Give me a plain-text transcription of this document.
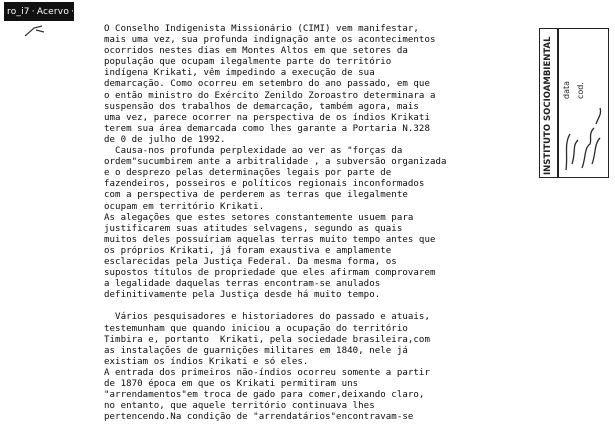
ro_i7 · Acervo · ISA
O Conselho Indigenista Missionário (CIMI) vem manifestar,
mais uma vez, sua profunda indignação ante os acontecimentos
ocorridos nestes dias em Montes Altos em que setores da
população que ocupam ilegalmente parte do território
indígena Krikati, vêm impedindo a execução de sua
demarcação. Como ocorreu em setembro do ano passado, em que
o então ministro do Exército Zenildo Zoroastro determinara a
suspensão dos trabalhos de demarcação, também agora, mais
uma vez, parece ocorrer na perspectiva de os índios Krikati
terem sua área demarcada como lhes garante a Portaria N.328
de 0 de julho de 1992.
Causa-nos profunda perplexidade ao ver as "forças da
ordem"sucumbirem ante a arbitralidade , a subversão organizada
e o desprezo pelas determinações legais por parte de
fazendeiros, posseiros e políticos regionais inconformados
com a perspectiva de perderem as terras que ilegalmente
ocupam em território Krikati.
As alegações que estes setores constantemente usuem para
justificarem suas atitudes selvagens, segundo as quais
muitos deles possuíriam aquelas terras muito tempo antes que
os próprios Krikati, já foram exaustiva e amplamente
esclarecidas pela Justiça Federal. Da mesma forma, os
supostos títulos de propriedade que eles afirmam comprovarem
a legalidade daquelas terras encontram-se anulados
definitivamente pela Justiça desde há muito tempo.

Vários pesquisadores e historiadores do passado e atuais,
testemunham que quando iniciou a ocupação do território
Timbira e, portanto  Krikati, pela sociedade brasileira,com
as instalações de guarnições militares em 1840, nele já
existiam os índios Krikati e só eles.
A entrada dos primeiros não-índios ocorreu somente a partir
de 1870 época em que os Krikati permitiram uns
"arrendamentos"em troca de gado para comer,deixando claro,
no entanto, que aquele território continuava lhes
pertencendo.Na condição de "arrendatários"encontravam-se
INSTITUTO SOCIOAMBIENTAL data cod.
